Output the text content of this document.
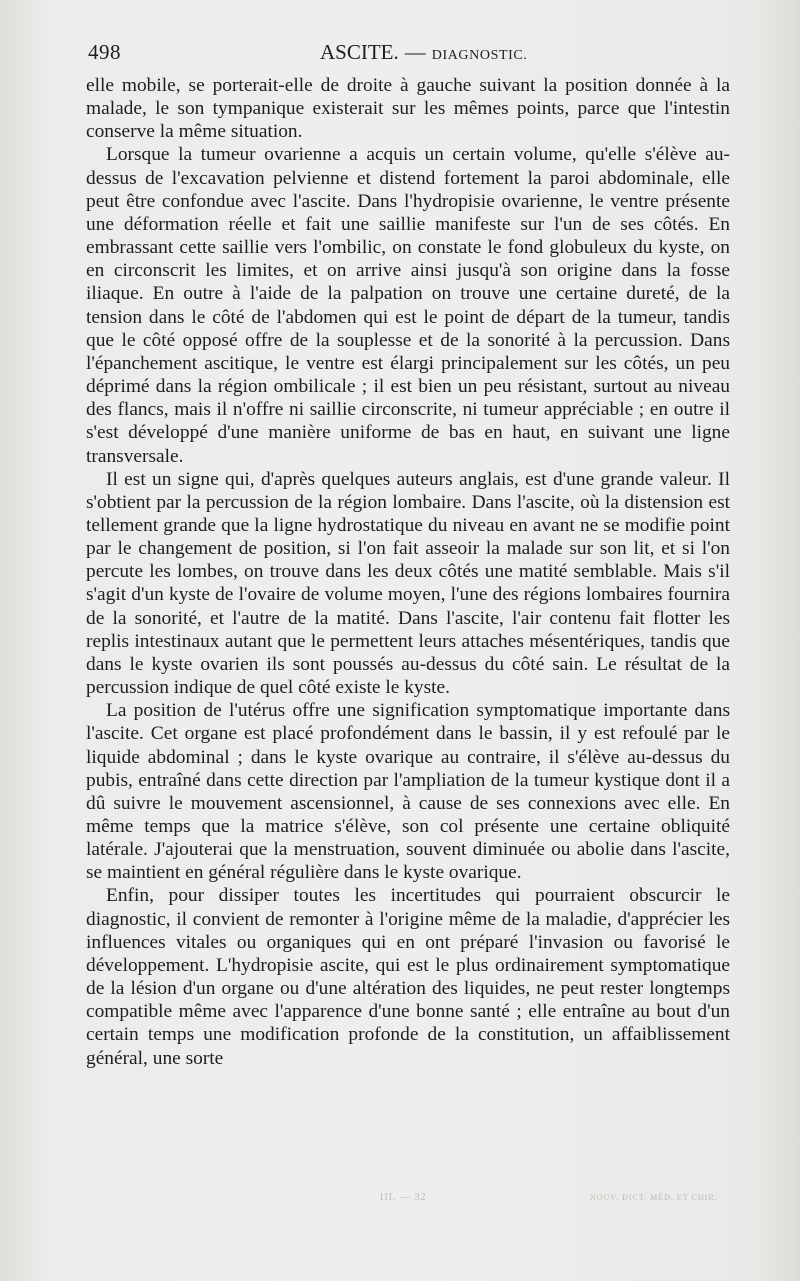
498	ASCITE. — DIAGNOSTIC.

elle mobile, se porterait-elle de droite à gauche suivant la position donnée à la malade, le son tympanique existerait sur les mêmes points, parce que l'intestin conserve la même situation.

Lorsque la tumeur ovarienne a acquis un certain volume, qu'elle s'élève au-dessus de l'excavation pelvienne et distend fortement la paroi abdominale, elle peut être confondue avec l'ascite. Dans l'hydropisie ovarienne, le ventre présente une déformation réelle et fait une saillie manifeste sur l'un de ses côtés. En embrassant cette saillie vers l'ombilic, on constate le fond globuleux du kyste, on en circonscrit les limites, et on arrive ainsi jusqu'à son origine dans la fosse iliaque. En outre à l'aide de la palpation on trouve une certaine dureté, de la tension dans le côté de l'abdomen qui est le point de départ de la tumeur, tandis que le côté opposé offre de la souplesse et de la sonorité à la percussion. Dans l'épanchement ascitique, le ventre est élargi principalement sur les côtés, un peu déprimé dans la région ombilicale ; il est bien un peu résistant, surtout au niveau des flancs, mais il n'offre ni saillie circonscrite, ni tumeur appréciable ; en outre il s'est développé d'une manière uniforme de bas en haut, en suivant une ligne transversale.

Il est un signe qui, d'après quelques auteurs anglais, est d'une grande valeur. Il s'obtient par la percussion de la région lombaire. Dans l'ascite, où la distension est tellement grande que la ligne hydrostatique du niveau en avant ne se modifie point par le changement de position, si l'on fait asseoir la malade sur son lit, et si l'on percute les lombes, on trouve dans les deux côtés une matité semblable. Mais s'il s'agit d'un kyste de l'ovaire de volume moyen, l'une des régions lombaires fournira de la sonorité, et l'autre de la matité. Dans l'ascite, l'air contenu fait flotter les replis intestinaux autant que le permettent leurs attaches mésentériques, tandis que dans le kyste ovarien ils sont poussés au-dessus du côté sain. Le résultat de la percussion indique de quel côté existe le kyste.

La position de l'utérus offre une signification symptomatique importante dans l'ascite. Cet organe est placé profondément dans le bassin, il y est refoulé par le liquide abdominal ; dans le kyste ovarique au contraire, il s'élève au-dessus du pubis, entraîné dans cette direction par l'ampliation de la tumeur kystique dont il a dû suivre le mouvement ascensionnel, à cause de ses connexions avec elle. En même temps que la matrice s'élève, son col présente une certaine obliquité latérale. J'ajouterai que la menstruation, souvent diminuée ou abolie dans l'ascite, se maintient en général régulière dans le kyste ovarique.

Enfin, pour dissiper toutes les incertitudes qui pourraient obscurcir le diagnostic, il convient de remonter à l'origine même de la maladie, d'apprécier les influences vitales ou organiques qui en ont préparé l'invasion ou favorisé le développement. L'hydropisie ascite, qui est le plus ordinairement symptomatique de la lésion d'un organe ou d'une altération des liquides, ne peut rester longtemps compatible même avec l'apparence d'une bonne santé ; elle entraîne au bout d'un certain temps une modification profonde de la constitution, un affaiblissement général, une sorte

III. — 32	NOUV. DICT. MÉD. ET CHIR.
